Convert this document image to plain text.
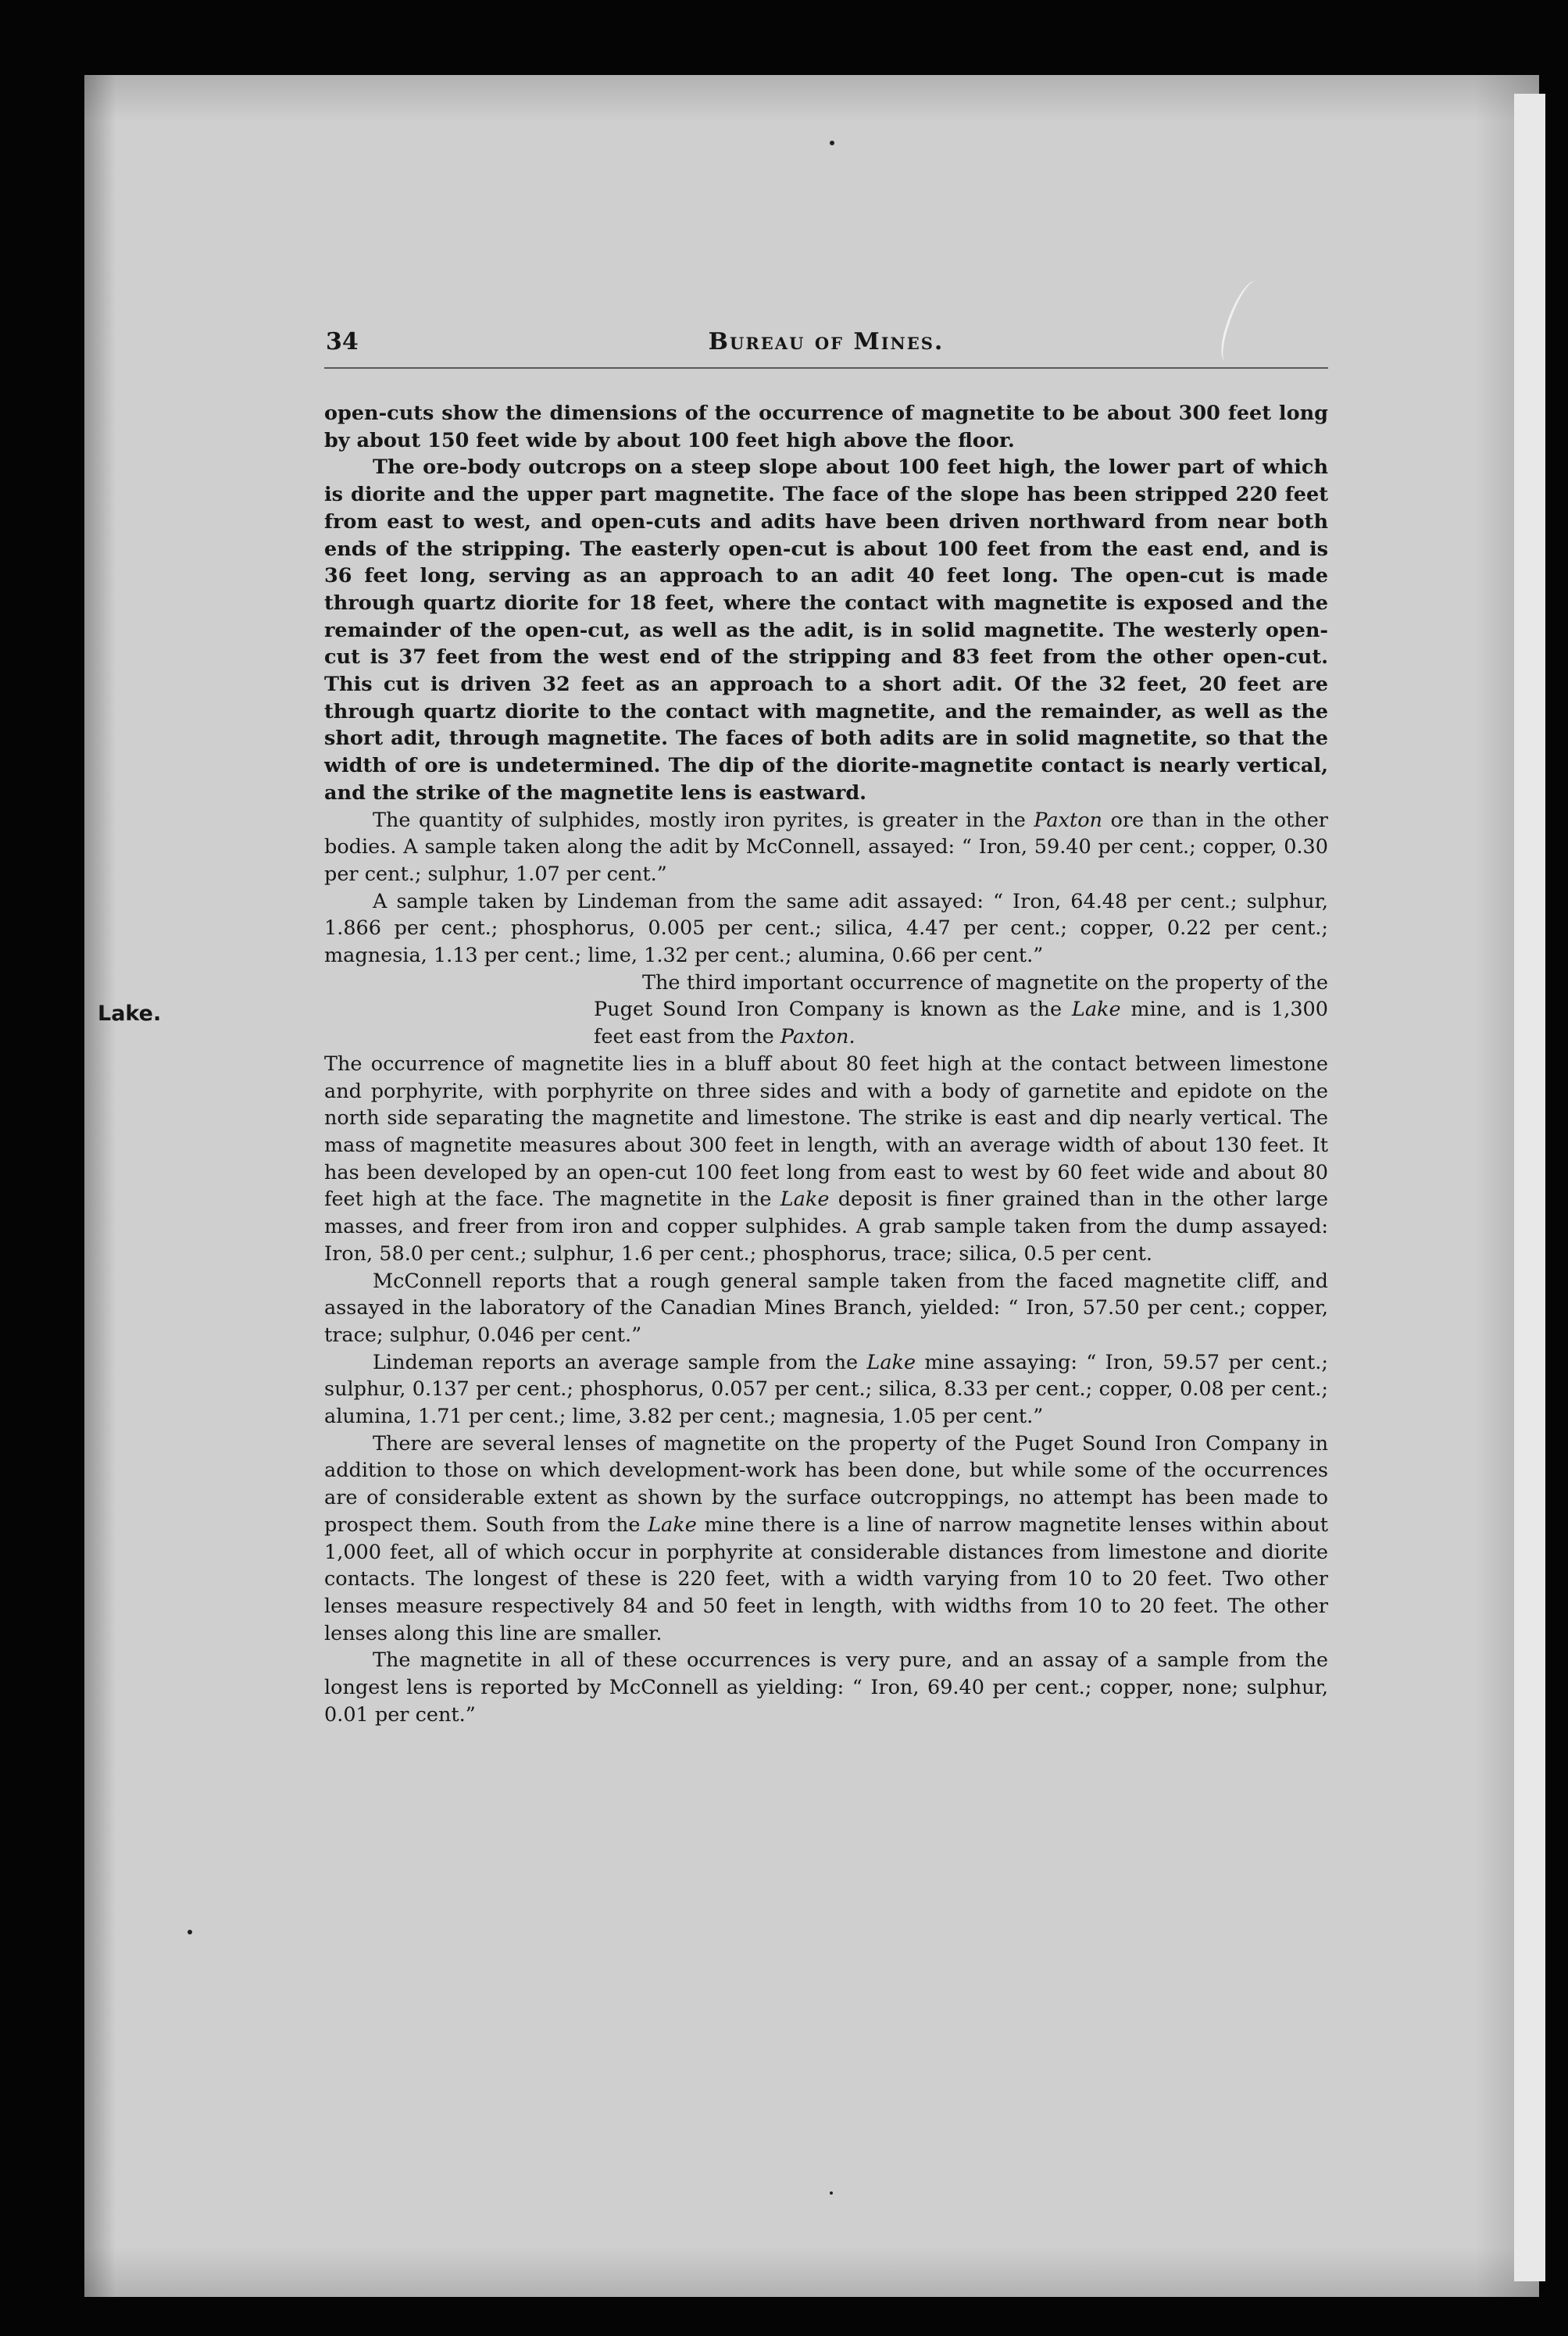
34	Bureau of Mines.

open-cuts show the dimensions of the occurrence of magnetite to be about 300 feet long by about 150 feet wide by about 100 feet high above the floor.

The ore-body outcrops on a steep slope about 100 feet high, the lower part of which is diorite and the upper part magnetite. The face of the slope has been stripped 220 feet from east to west, and open-cuts and adits have been driven northward from near both ends of the stripping. The easterly open-cut is about 100 feet from the east end, and is 36 feet long, serving as an approach to an adit 40 feet long. The open-cut is made through quartz diorite for 18 feet, where the contact with magnetite is exposed and the remainder of the open-cut, as well as the adit, is in solid magnetite. The westerly open-cut is 37 feet from the west end of the stripping and 83 feet from the other open-cut. This cut is driven 32 feet as an approach to a short adit. Of the 32 feet, 20 feet are through quartz diorite to the contact with magnetite, and the remainder, as well as the short adit, through magnetite. The faces of both adits are in solid magnetite, so that the width of ore is undetermined. The dip of the diorite-magnetite contact is nearly vertical, and the strike of the magnetite lens is eastward.

The quantity of sulphides, mostly iron pyrites, is greater in the Paxton ore than in the other bodies. A sample taken along the adit by McConnell, assayed: “ Iron, 59.40 per cent.; copper, 0.30 per cent.; sulphur, 1.07 per cent.”

A sample taken by Lindeman from the same adit assayed: “ Iron, 64.48 per cent.; sulphur, 1.866 per cent.; phosphorus, 0.005 per cent.; silica, 4.47 per cent.; copper, 0.22 per cent.; magnesia, 1.13 per cent.; lime, 1.32 per cent.; alumina, 0.66 per cent.”

Lake.

The third important occurrence of magnetite on the property of the Puget Sound Iron Company is known as the Lake mine, and is 1,300 feet east from the Paxton.

The occurrence of magnetite lies in a bluff about 80 feet high at the contact between limestone and porphyrite, with porphyrite on three sides and with a body of garnetite and epidote on the north side separating the magnetite and limestone. The strike is east and dip nearly vertical. The mass of magnetite measures about 300 feet in length, with an average width of about 130 feet. It has been developed by an open-cut 100 feet long from east to west by 60 feet wide and about 80 feet high at the face. The magnetite in the Lake deposit is finer grained than in the other large masses, and freer from iron and copper sulphides. A grab sample taken from the dump assayed: Iron, 58.0 per cent.; sulphur, 1.6 per cent.; phosphorus, trace; silica, 0.5 per cent.

McConnell reports that a rough general sample taken from the faced magnetite cliff, and assayed in the laboratory of the Canadian Mines Branch, yielded: “ Iron, 57.50 per cent.; copper, trace; sulphur, 0.046 per cent.”

Lindeman reports an average sample from the Lake mine assaying: “ Iron, 59.57 per cent.; sulphur, 0.137 per cent.; phosphorus, 0.057 per cent.; silica, 8.33 per cent.; copper, 0.08 per cent.; alumina, 1.71 per cent.; lime, 3.82 per cent.; magnesia, 1.05 per cent.”

There are several lenses of magnetite on the property of the Puget Sound Iron Company in addition to those on which development-work has been done, but while some of the occurrences are of considerable extent as shown by the surface outcroppings, no attempt has been made to prospect them. South from the Lake mine there is a line of narrow magnetite lenses within about 1,000 feet, all of which occur in porphyrite at considerable distances from limestone and diorite contacts. The longest of these is 220 feet, with a width varying from 10 to 20 feet. Two other lenses measure respectively 84 and 50 feet in length, with widths from 10 to 20 feet. The other lenses along this line are smaller.

The magnetite in all of these occurrences is very pure, and an assay of a sample from the longest lens is reported by McConnell as yielding: “ Iron, 69.40 per cent.; copper, none; sulphur, 0.01 per cent.”
